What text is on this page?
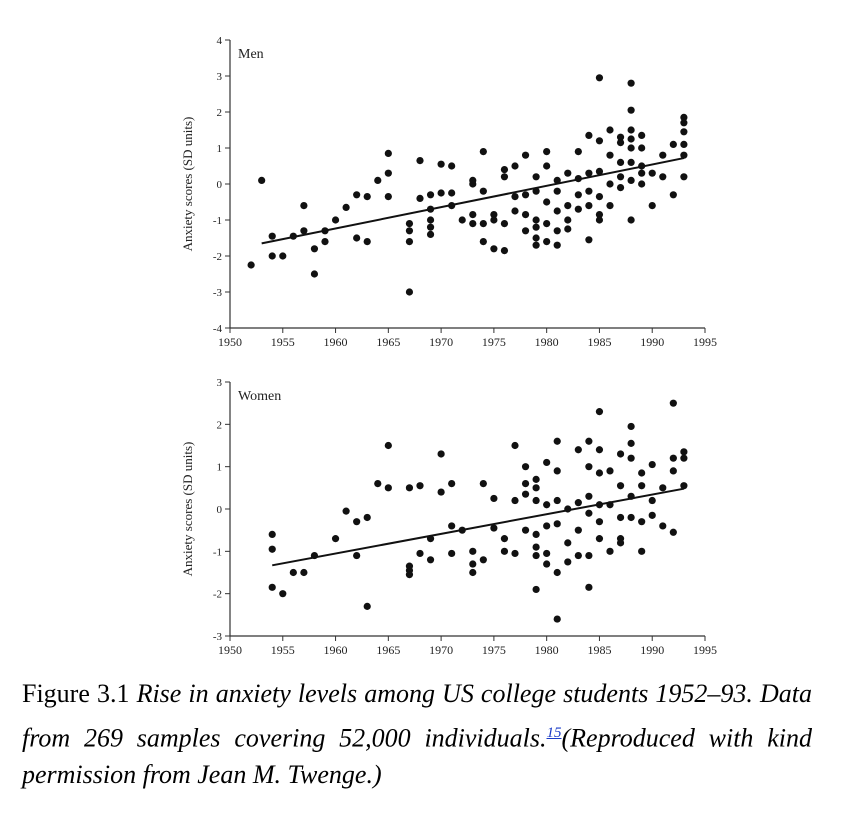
-4
-3
-2
-1
0
1
2
3
4
1950 1955 1960 1965 1970 1975 1980 1985 1990 1995
Anxiety scores (SD units)
Men
-3
-2
-1
0
1
2
3
1950 1955 1960 1965 1970 1975 1980 1985 1990 1995
Anxiety scores (SD units)
Women
Figure 3.1 Rise in anxiety levels among US college students 1952–93. Data from 269 samples covering 52,000 individuals.$^{15}$(Reproduced with kind permission from Jean M. Twenge.)
